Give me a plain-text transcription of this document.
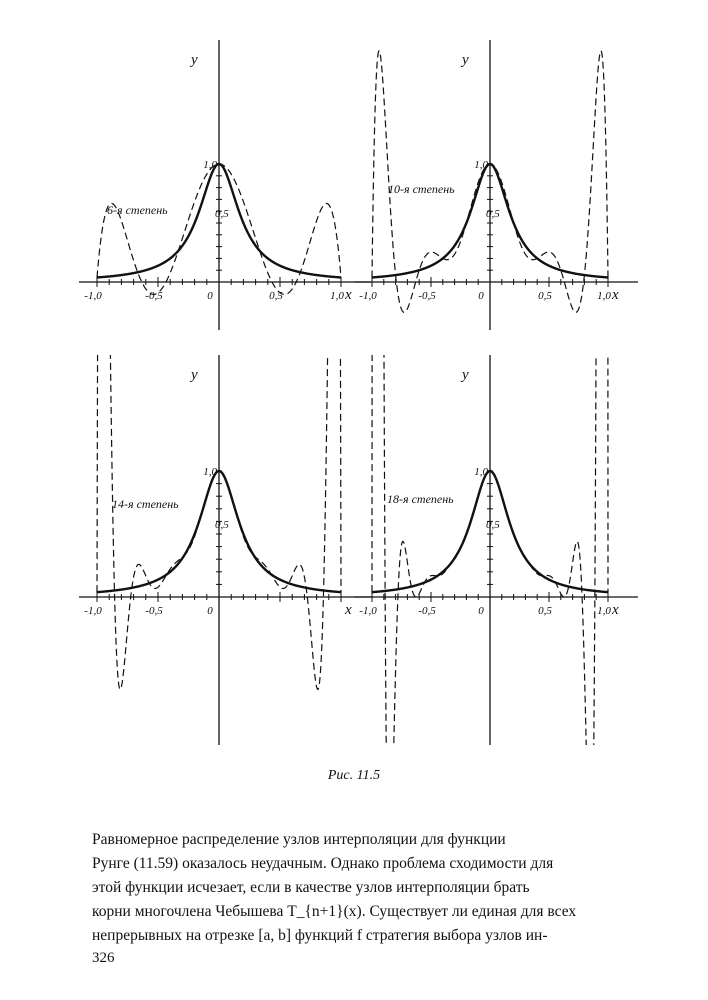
-1,0	-0,5	0	0,5	1,0
0,5
1,0
x
y
6-я степень
-1,0	-0,5	0	0,5	1,0
0,5
1,0
x
y
10-я степень
-1,0	-0,5	0
0,5
1,0
x
y
14-я степень
-1,0	-0,5	0	0,5	1,0
0,5
1,0
x
y
18-я степень
Рис. 11.5
Равномерное распределение узлов интерполяции для функции
Рунге (11.59) оказалось неудачным. Однако проблема сходимости для
этой функции исчезает, если в качестве узлов интерполяции брать
корни многочлена Чебышева T_{n+1}(x). Существует ли единая для всех
непрерывных на отрезке [a, b] функций f стратегия выбора узлов ин-
326
